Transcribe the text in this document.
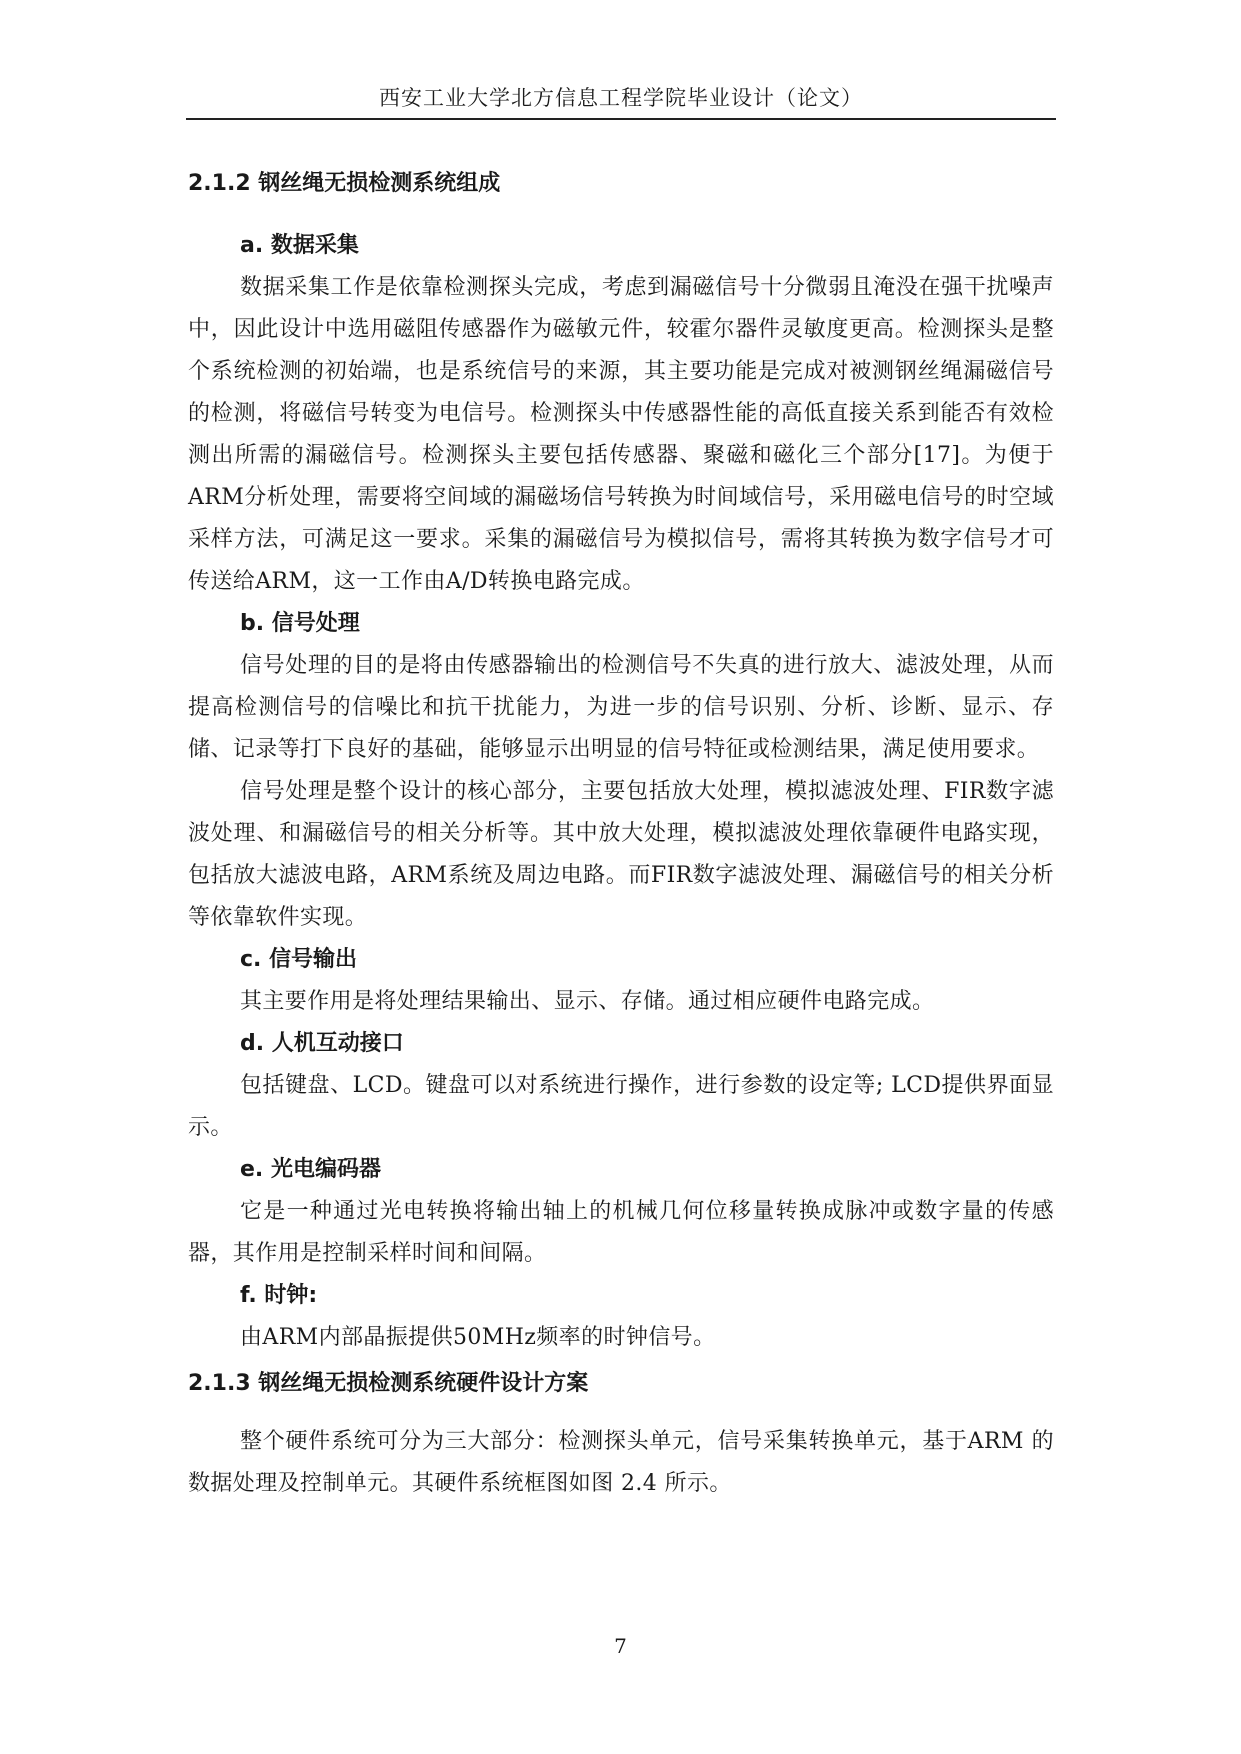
西安工业大学北方信息工程学院毕业设计（论文）
2.1.2 钢丝绳无损检测系统组成
a. 数据采集

数据采集工作是依靠检测探头完成，考虑到漏磁信号十分微弱且淹没在强干扰噪声中，因此设计中选用磁阻传感器作为磁敏元件，较霍尔器件灵敏度更高。检测探头是整个系统检测的初始端，也是系统信号的来源，其主要功能是完成对被测钢丝绳漏磁信号的检测，将磁信号转变为电信号。检测探头中传感器性能的高低直接关系到能否有效检测出所需的漏磁信号。检测探头主要包括传感器、聚磁和磁化三个部分[17]。为便于ARM分析处理，需要将空间域的漏磁场信号转换为时间域信号，采用磁电信号的时空域采样方法，可满足这一要求。采集的漏磁信号为模拟信号，需将其转换为数字信号才可传送给ARM，这一工作由A/D转换电路完成。

b. 信号处理

信号处理的目的是将由传感器输出的检测信号不失真的进行放大、滤波处理，从而提高检测信号的信噪比和抗干扰能力，为进一步的信号识别、分析、诊断、显示、存储、记录等打下良好的基础，能够显示出明显的信号特征或检测结果，满足使用要求。

信号处理是整个设计的核心部分，主要包括放大处理，模拟滤波处理、FIR数字滤波处理、和漏磁信号的相关分析等。其中放大处理，模拟滤波处理依靠硬件电路实现，包括放大滤波电路，ARM系统及周边电路。而FIR数字滤波处理、漏磁信号的相关分析等依靠软件实现。

c. 信号输出

其主要作用是将处理结果输出、显示、存储。通过相应硬件电路完成。

d. 人机互动接口

包括键盘、LCD。键盘可以对系统进行操作，进行参数的设定等; LCD提供界面显示。

e. 光电编码器

它是一种通过光电转换将输出轴上的机械几何位移量转换成脉冲或数字量的传感器，其作用是控制采样时间和间隔。

f. 时钟:

由ARM内部晶振提供50MHz频率的时钟信号。

2.1.3 钢丝绳无损检测系统硬件设计方案

整个硬件系统可分为三大部分：检测探头单元，信号采集转换单元，基于ARM 的数据处理及控制单元。其硬件系统框图如图 2.4 所示。

7
